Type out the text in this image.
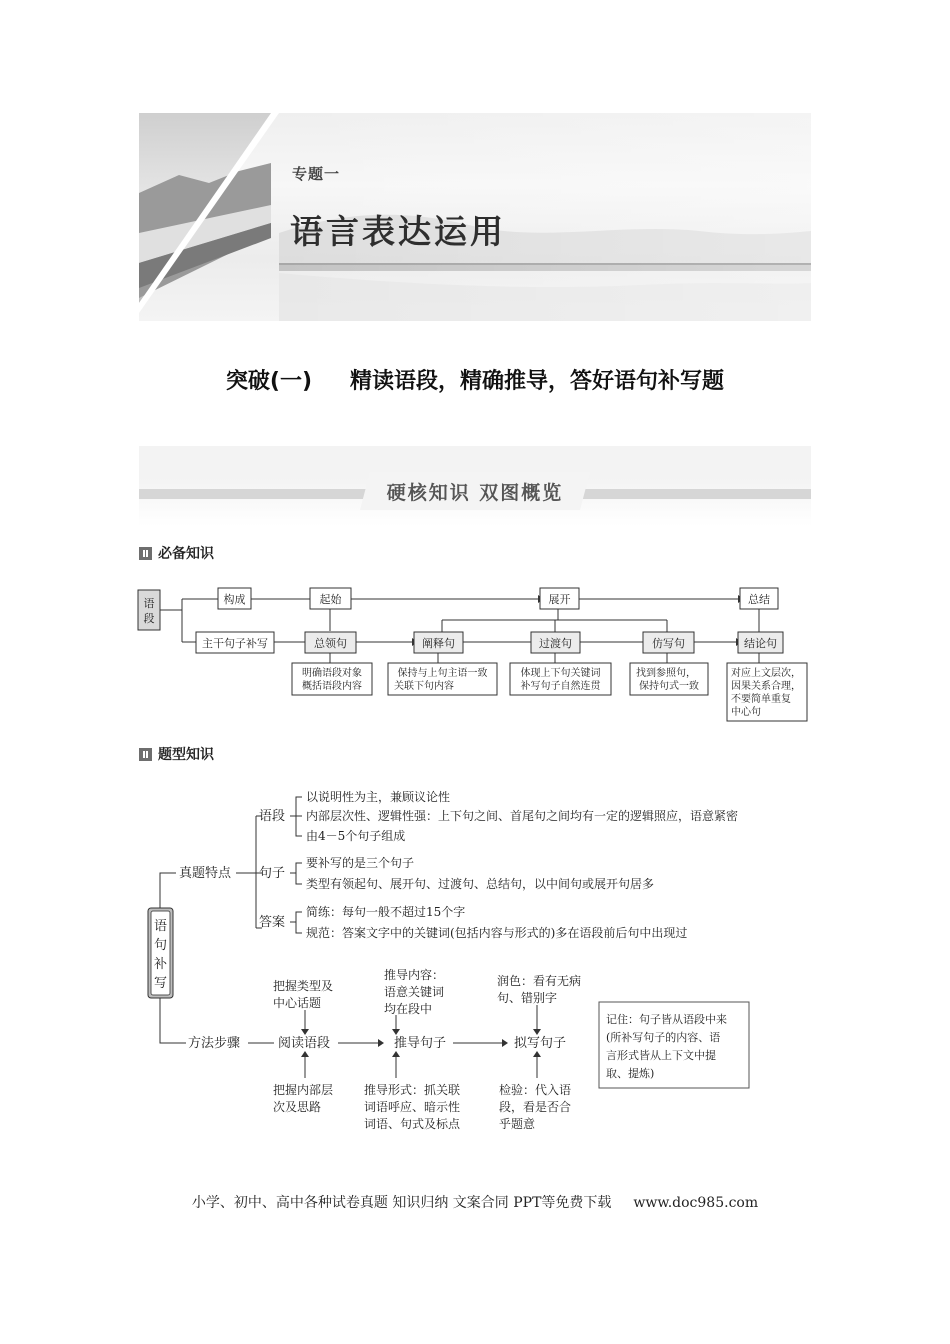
专题一
语言表达运用
突破(一) 精读语段，精确推导，答好语句补写题
硬核知识 双图概览
必备知识
语
段
构成	起始	展开	总结
主干句子补写	总领句	阐释句	过渡句	仿写句	结论句
明确语段对象
概括语段内容
保持与上句主语一致
关联下句内容
体现上下句关键词
补写句子自然连贯
找到参照句，
保持句式一致
对应上文层次，
因果关系合理，
不要简单重复
中心句
题型知识
语
句
补
写
真题特点
语段
句子
答案
以说明性为主，兼顾议论性
内部层次性、逻辑性强：上下句之间、首尾句之间均有一定的逻辑照应，语意紧密
由4－5个句子组成
要补写的是三个句子
类型有领起句、展开句、过渡句、总结句，以中间句或展开句居多
简练：每句一般不超过15个字
规范：答案文字中的关键词(包括内容与形式的)多在语段前后句中出现过
方法步骤	阅读语段	推导句子	拟写句子
把握类型及
中心话题
推导内容：
语意关键词
均在段中
润色：看有无病
句、错别字
把握内部层
次及思路
推导形式：抓关联
词语呼应、暗示性
词语、句式及标点
检验：代入语
段，看是否合
乎题意
记住：句子皆从语段中来
(所补写句子的内容、语
言形式皆从上下文中提
取、提炼)
小学、初中、高中各种试卷真题 知识归纳 文案合同 PPT等免费下载 www.doc985.com
